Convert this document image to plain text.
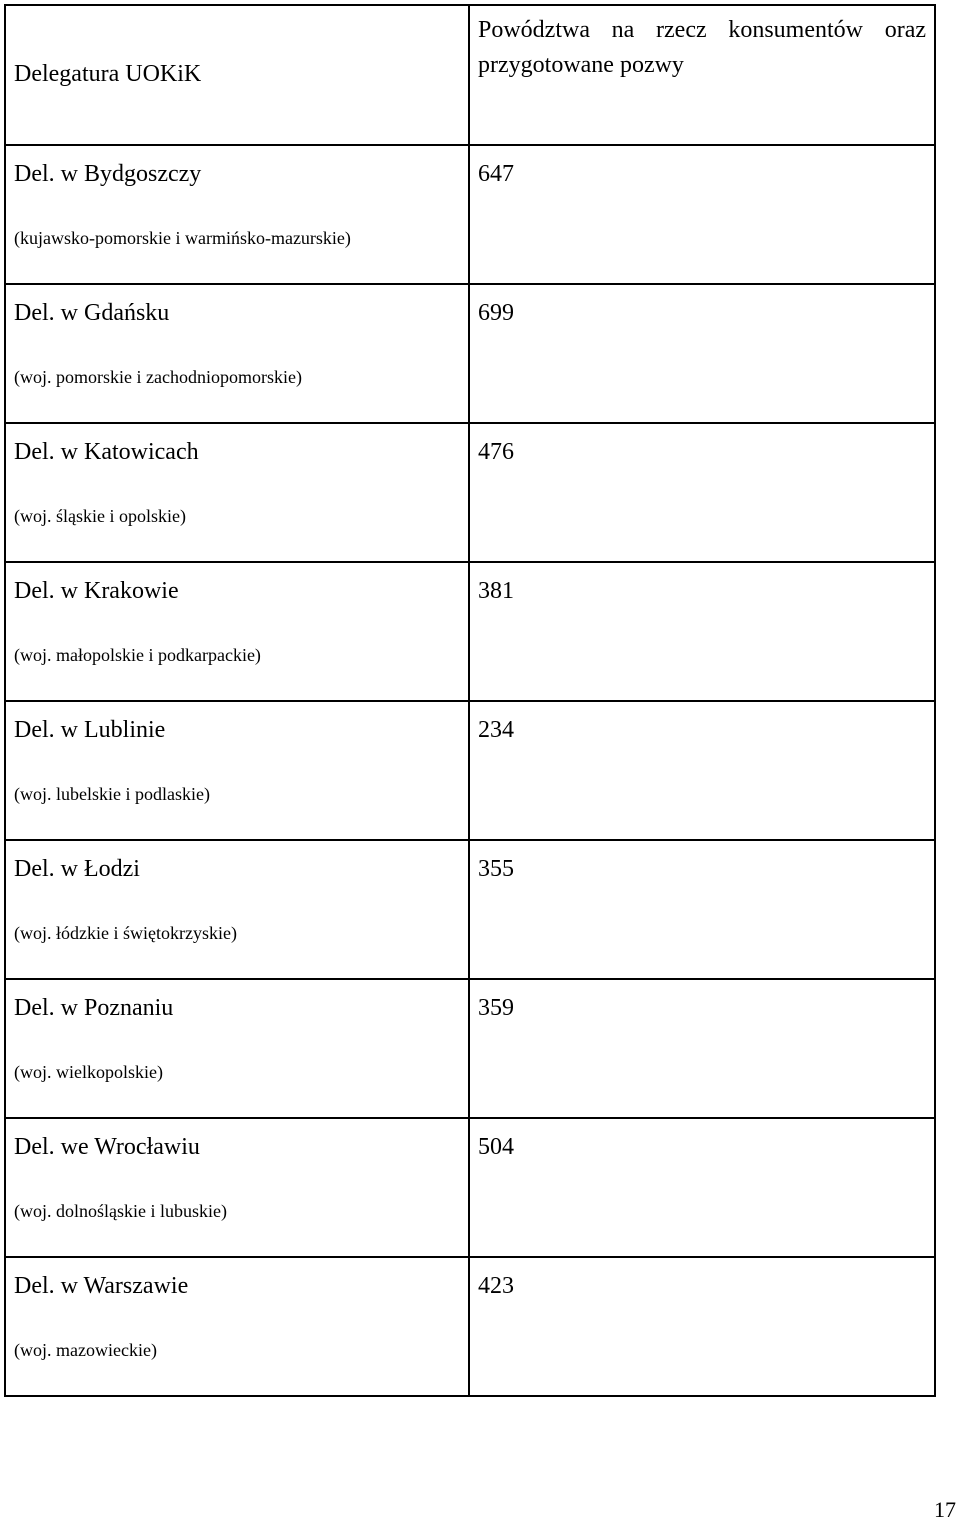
Delegatura UOKiK	Powództwa na rzecz konsumentów oraz przygotowane pozwy

Del. w Bydgoszczy
(kujawsko-pomorskie i warmińsko-mazurskie)	647

Del. w Gdańsku
(woj. pomorskie i zachodniopomorskie)	699

Del. w Katowicach
(woj. śląskie i opolskie)	476

Del. w Krakowie
(woj. małopolskie i podkarpackie)	381

Del. w Lublinie
(woj. lubelskie i podlaskie)	234

Del. w Łodzi
(woj. łódzkie i świętokrzyskie)	355

Del. w Poznaniu
(woj. wielkopolskie)	359

Del. we Wrocławiu
(woj. dolnośląskie i lubuskie)	504

Del. w Warszawie
(woj. mazowieckie)	423
17
